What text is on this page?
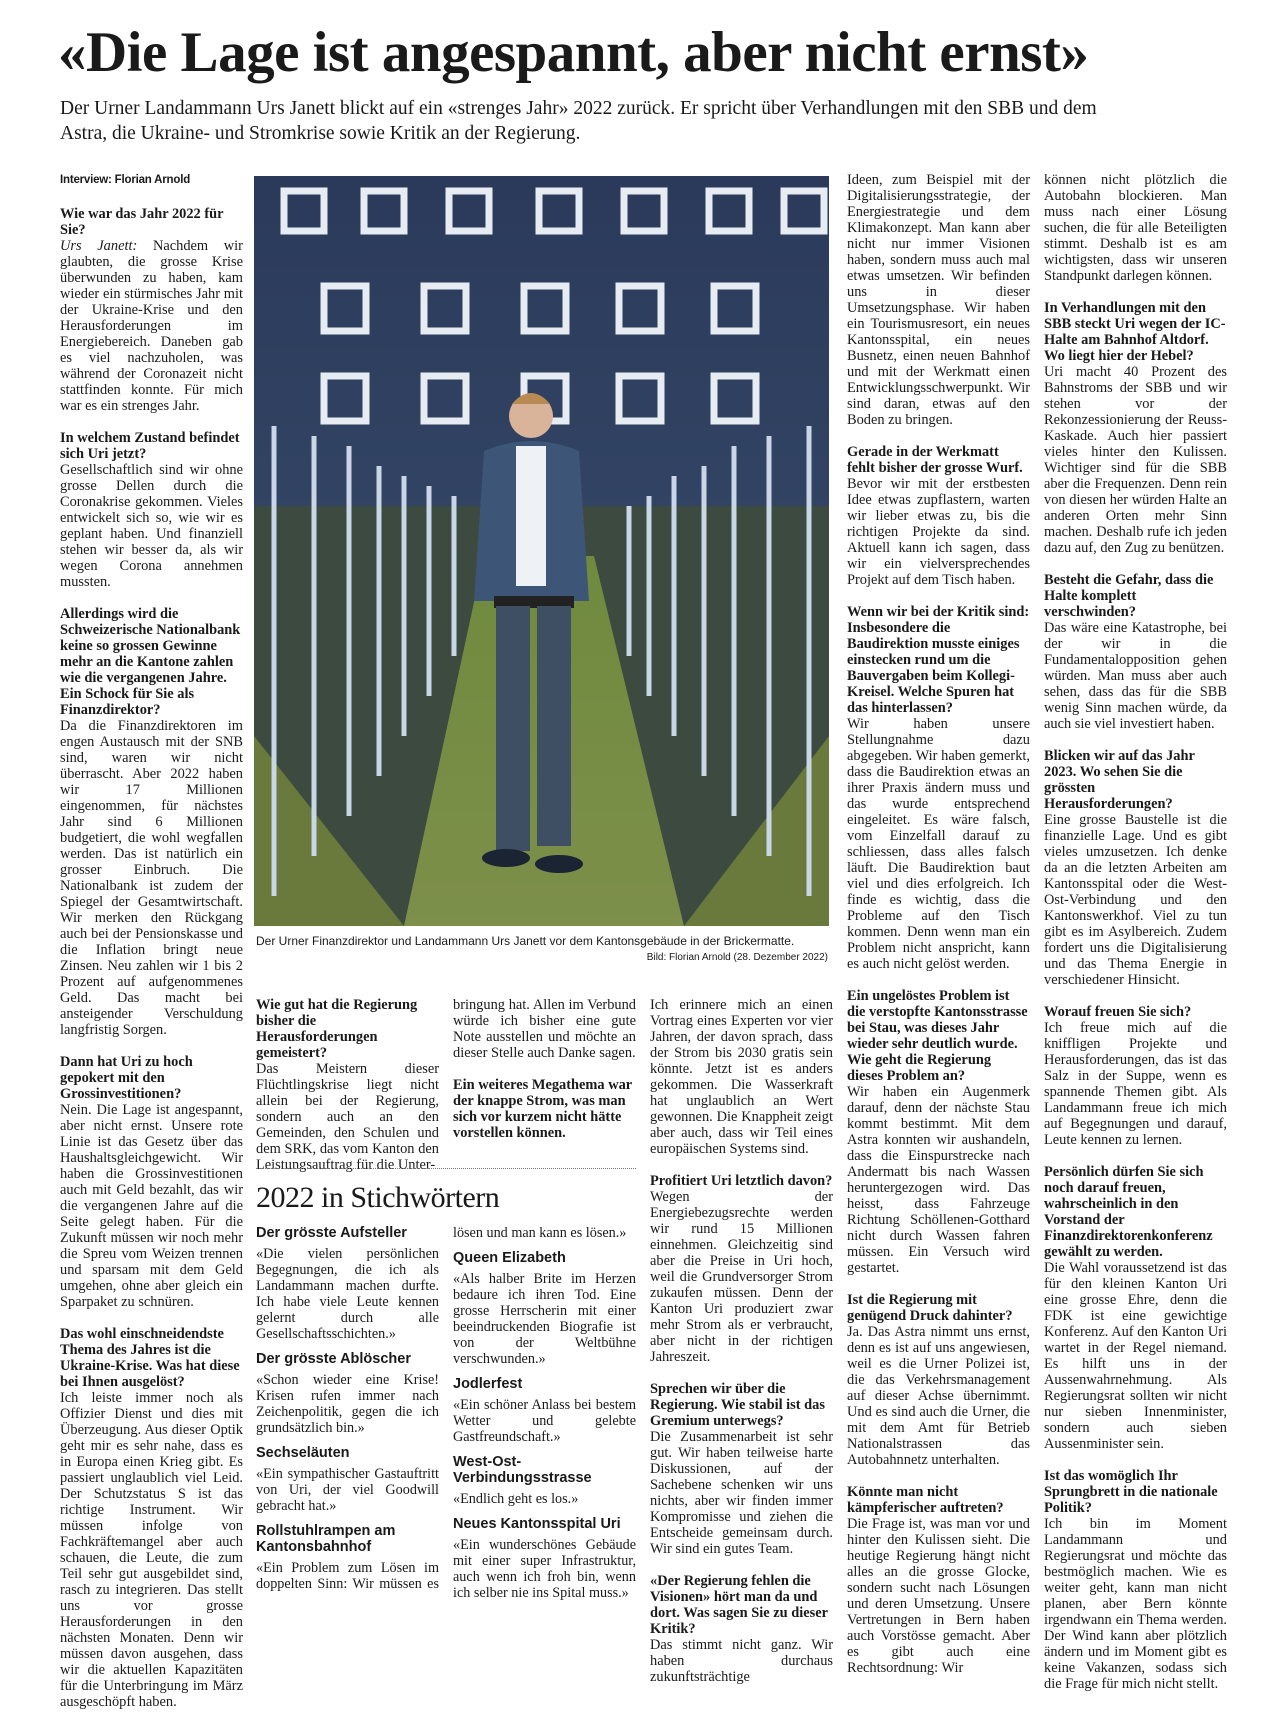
«Die Lage ist angespannt, aber nicht ernst»

Der Urner Landammann Urs Janett blickt auf ein «strenges Jahr» 2022 zurück. Er spricht über Verhandlungen mit den SBB und dem Astra, die Ukraine- und Stromkrise sowie Kritik an der Regierung.

Interview: Florian Arnold
Wie war das Jahr 2022 für Sie?
Urs Janett: Nachdem wir glaubten, die grosse Krise überwunden zu haben, kam wieder ein stürmisches Jahr mit der Ukraine-Krise und den Herausforderungen im Energiebereich. Daneben gab es viel nachzuholen, was während der Coronazeit nicht stattfinden konnte. Für mich war es ein strenges Jahr.
In welchem Zustand befindet sich Uri jetzt?
Gesellschaftlich sind wir ohne grosse Dellen durch die Coronakrise gekommen. Vieles entwickelt sich so, wie wir es geplant haben. Und finanziell stehen wir besser da, als wir wegen Corona annehmen mussten.
Allerdings wird die Schweizerische Nationalbank keine so grossen Gewinne mehr an die Kantone zahlen wie die vergangenen Jahre. Ein Schock für Sie als Finanzdirektor?
Da die Finanzdirektoren im engen Austausch mit der SNB sind, waren wir nicht überrascht. Aber 2022 haben wir 17 Millionen eingenommen, für nächstes Jahr sind 6 Millionen budgetiert, die wohl wegfallen werden. Das ist natürlich ein grosser Einbruch. Die Nationalbank ist zudem der Spiegel der Gesamtwirtschaft. Wir merken den Rückgang auch bei der Pensionskasse und die Inflation bringt neue Zinsen. Neu zahlen wir 1 bis 2 Prozent auf aufgenommenes Geld. Das macht bei ansteigender Verschuldung langfristig Sorgen.
Dann hat Uri zu hoch gepokert mit den Grossinvestitionen?
Nein. Die Lage ist angespannt, aber nicht ernst. Unsere rote Linie ist das Gesetz über das Haushaltsgleichgewicht. Wir haben die Grossinvestitionen auch mit Geld bezahlt, das wir die vergangenen Jahre auf die Seite gelegt haben. Für die Zukunft müssen wir noch mehr die Spreu vom Weizen trennen und sparsam mit dem Geld umgehen, ohne aber gleich ein Sparpaket zu schnüren.
Das wohl einschneidendste Thema des Jahres ist die Ukraine-Krise. Was hat diese bei Ihnen ausgelöst?
Ich leiste immer noch als Offizier Dienst und dies mit Überzeugung. Aus dieser Optik geht mir es sehr nahe, dass es in Europa einen Krieg gibt. Es passiert unglaublich viel Leid. Der Schutzstatus S ist das richtige Instrument. Wir müssen infolge von Fachkräftemangel aber auch schauen, die Leute, die zum Teil sehr gut ausgebildet sind, rasch zu integrieren. Das stellt uns vor grosse Herausforderungen in den nächsten Monaten. Denn wir müssen davon ausgehen, dass wir die aktuellen Kapazitäten für die Unterbringung im März ausgeschöpft haben.
Der Urner Finanzdirektor und Landammann Urs Janett vor dem Kantonsgebäude in der Brickermatte.
Bild: Florian Arnold (28. Dezember 2022)
Wie gut hat die Regierung bisher die Herausforderungen gemeistert?
Das Meistern dieser Flüchtlingskrise liegt nicht allein bei der Regierung, sondern auch an den Gemeinden, den Schulen und dem SRK, das vom Kanton den Leistungsauftrag für die Unter-
bringung hat. Allen im Verbund würde ich bisher eine gute Note ausstellen und möchte an dieser Stelle auch Danke sagen.
Ein weiteres Megathema war der knappe Strom, was man sich vor kurzem nicht hätte vorstellen können.
Ich erinnere mich an einen Vortrag eines Experten vor vier Jahren, der davon sprach, dass der Strom bis 2030 gratis sein könnte. Jetzt ist es anders gekommen. Die Wasserkraft hat unglaublich an Wert gewonnen. Die Knappheit zeigt aber auch, dass wir Teil eines europäischen Systems sind.
Profitiert Uri letztlich davon?
Wegen der Energiebezugsrechte werden wir rund 15 Millionen einnehmen. Gleichzeitig sind aber die Preise in Uri hoch, weil die Grundversorger Strom zukaufen müssen. Denn der Kanton Uri produziert zwar mehr Strom als er verbraucht, aber nicht in der richtigen Jahreszeit.
Sprechen wir über die Regierung. Wie stabil ist das Gremium unterwegs?
Die Zusammenarbeit ist sehr gut. Wir haben teilweise harte Diskussionen, auf der Sachebene schenken wir uns nichts, aber wir finden immer Kompromisse und ziehen die Entscheide gemeinsam durch. Wir sind ein gutes Team.
«Der Regierung fehlen die Visionen» hört man da und dort. Was sagen Sie zu dieser Kritik?
Das stimmt nicht ganz. Wir haben durchaus zukunftsträchtige
Ideen, zum Beispiel mit der Digitalisierungsstrategie, der Energiestrategie und dem Klimakonzept. Man kann aber nicht nur immer Visionen haben, sondern muss auch mal etwas umsetzen. Wir befinden uns in dieser Umsetzungsphase. Wir haben ein Tourismusresort, ein neues Kantonsspital, ein neues Busnetz, einen neuen Bahnhof und mit der Werkmatt einen Entwicklungsschwerpunkt. Wir sind daran, etwas auf den Boden zu bringen.
Gerade in der Werkmatt fehlt bisher der grosse Wurf.
Bevor wir mit der erstbesten Idee etwas zupflastern, warten wir lieber etwas zu, bis die richtigen Projekte da sind. Aktuell kann ich sagen, dass wir ein vielversprechendes Projekt auf dem Tisch haben.
Wenn wir bei der Kritik sind: Insbesondere die Baudirektion musste einiges einstecken rund um die Bauvergaben beim Kollegi-Kreisel. Welche Spuren hat das hinterlassen?
Wir haben unsere Stellungnahme dazu abgegeben. Wir haben gemerkt, dass die Baudirektion etwas an ihrer Praxis ändern muss und das wurde entsprechend eingeleitet. Es wäre falsch, vom Einzelfall darauf zu schliessen, dass alles falsch läuft. Die Baudirektion baut viel und dies erfolgreich. Ich finde es wichtig, dass die Probleme auf den Tisch kommen. Denn wenn man ein Problem nicht anspricht, kann es auch nicht gelöst werden.
Ein ungelöstes Problem ist die verstopfte Kantonsstrasse bei Stau, was dieses Jahr wieder sehr deutlich wurde. Wie geht die Regierung dieses Problem an?
Wir haben ein Augenmerk darauf, denn der nächste Stau kommt bestimmt. Mit dem Astra konnten wir aushandeln, dass die Einspurstrecke nach Andermatt bis nach Wassen heruntergezogen wird. Das heisst, dass Fahrzeuge Richtung Schöllenen-Gotthard nicht durch Wassen fahren müssen. Ein Versuch wird gestartet.
Ist die Regierung mit genügend Druck dahinter?
Ja. Das Astra nimmt uns ernst, denn es ist auf uns angewiesen, weil es die Urner Polizei ist, die das Verkehrsmanagement auf dieser Achse übernimmt. Und es sind auch die Urner, die mit dem Amt für Betrieb Nationalstrassen das Autobahnnetz unterhalten.
Könnte man nicht kämpferischer auftreten?
Die Frage ist, was man vor und hinter den Kulissen sieht. Die heutige Regierung hängt nicht alles an die grosse Glocke, sondern sucht nach Lösungen und deren Umsetzung. Unsere Vertretungen in Bern haben auch Vorstösse gemacht. Aber es gibt auch eine Rechtsordnung: Wir
können nicht plötzlich die Autobahn blockieren. Man muss nach einer Lösung suchen, die für alle Beteiligten stimmt. Deshalb ist es am wichtigsten, dass wir unseren Standpunkt darlegen können.
In Verhandlungen mit den SBB steckt Uri wegen der IC-Halte am Bahnhof Altdorf. Wo liegt hier der Hebel?
Uri macht 40 Prozent des Bahnstroms der SBB und wir stehen vor der Rekonzessionierung der Reuss-Kaskade. Auch hier passiert vieles hinter den Kulissen. Wichtiger sind für die SBB aber die Frequenzen. Denn rein von diesen her würden Halte an anderen Orten mehr Sinn machen. Deshalb rufe ich jeden dazu auf, den Zug zu benützen.
Besteht die Gefahr, dass die Halte komplett verschwinden?
Das wäre eine Katastrophe, bei der wir in die Fundamentalopposition gehen würden. Man muss aber auch sehen, dass das für die SBB wenig Sinn machen würde, da auch sie viel investiert haben.
Blicken wir auf das Jahr 2023. Wo sehen Sie die grössten Herausforderungen?
Eine grosse Baustelle ist die finanzielle Lage. Und es gibt vieles umzusetzen. Ich denke da an die letzten Arbeiten am Kantonsspital oder die West-Ost-Verbindung und den Kantonswerkhof. Viel zu tun gibt es im Asylbereich. Zudem fordert uns die Digitalisierung und das Thema Energie in verschiedener Hinsicht.
Worauf freuen Sie sich?
Ich freue mich auf die kniffligen Projekte und Herausforderungen, das ist das Salz in der Suppe, wenn es spannende Themen gibt. Als Landammann freue ich mich auf Begegnungen und darauf, Leute kennen zu lernen.
Persönlich dürfen Sie sich noch darauf freuen, wahrscheinlich in den Vorstand der Finanzdirektorenkonferenz gewählt zu werden.
Die Wahl voraussetzend ist das für den kleinen Kanton Uri eine grosse Ehre, denn die FDK ist eine gewichtige Konferenz. Auf den Kanton Uri wartet in der Regel niemand. Es hilft uns in der Aussenwahrnehmung. Als Regierungsrat sollten wir nicht nur sieben Innenminister, sondern auch sieben Aussenminister sein.
Ist das womöglich Ihr Sprungbrett in die nationale Politik?
Ich bin im Moment Landammann und Regierungsrat und möchte das bestmöglich machen. Wie es weiter geht, kann man nicht planen, aber Bern könnte irgendwann ein Thema werden. Der Wind kann aber plötzlich ändern und im Moment gibt es keine Vakanzen, sodass sich die Frage für mich nicht stellt.
2022 in Stichwörtern
Der grösste Aufsteller

«Die vielen persönlichen Begegnungen, die ich als Landammann machen durfte. Ich habe viele Leute kennen gelernt durch alle Gesellschaftsschichten.»

Der grösste Ablöscher

«Schon wieder eine Krise! Krisen rufen immer nach Zeichenpolitik, gegen die ich grundsätzlich bin.»

Sechseläuten

«Ein sympathischer Gastauftritt von Uri, der viel Goodwill gebracht hat.»

Rollstuhlrampen am Kantonsbahnhof

«Ein Problem zum Lösen im doppelten Sinn: Wir müssen es lösen und man kann es lösen.»

Queen Elizabeth

«Als halber Brite im Herzen bedaure ich ihren Tod. Eine grosse Herrscherin mit einer beeindruckenden Biografie ist von der Weltbühne verschwunden.»

Jodlerfest

«Ein schöner Anlass bei bestem Wetter und gelebte Gastfreundschaft.»

West-Ost-Verbindungsstrasse

«Endlich geht es los.»

Neues Kantonsspital Uri

«Ein wunderschönes Gebäude mit einer super Infrastruktur, auch wenn ich froh bin, wenn ich selber nie ins Spital muss.»
